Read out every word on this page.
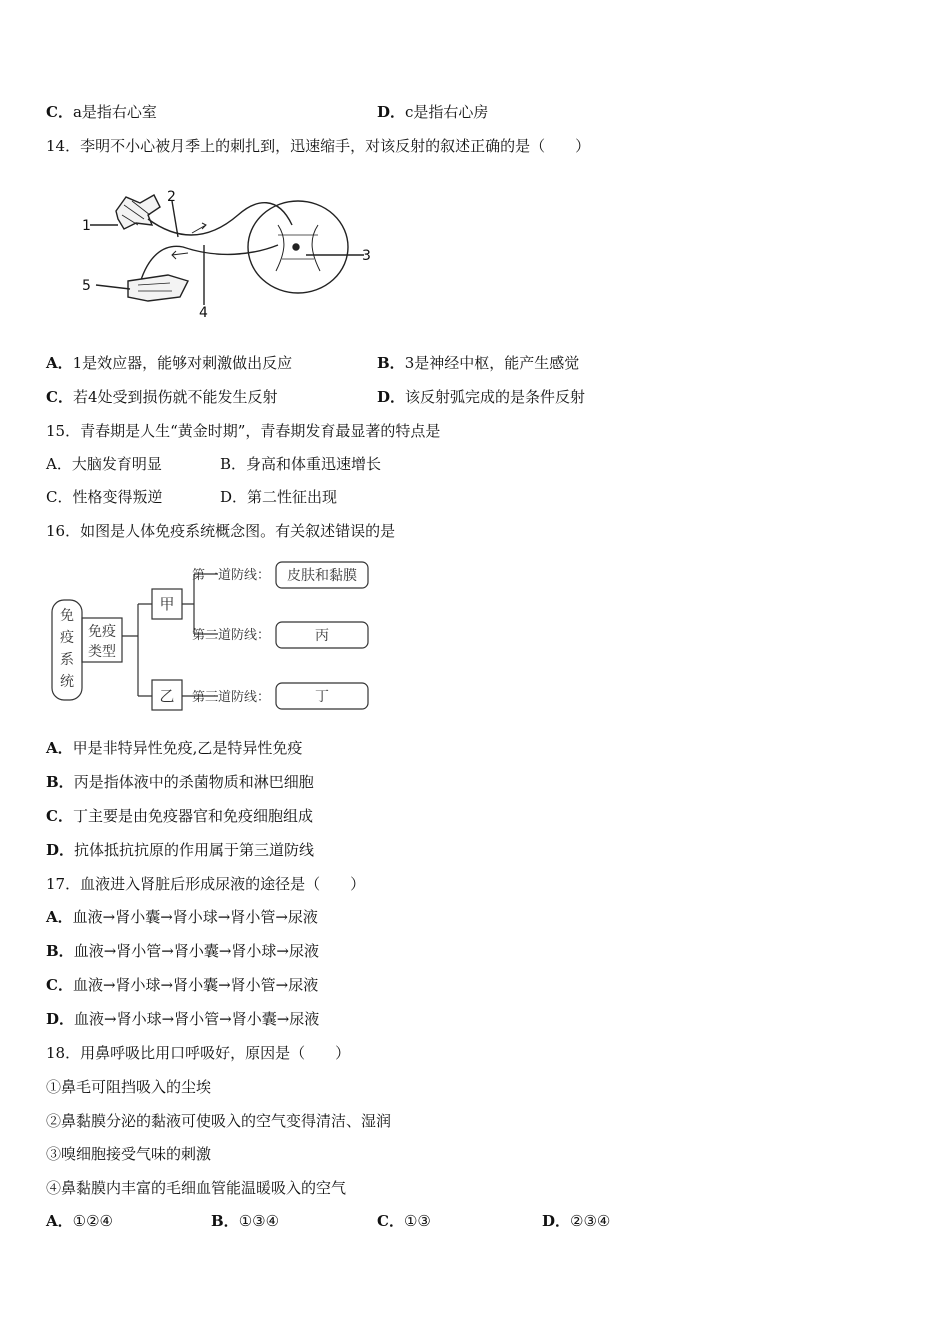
C．a是指右心室	D．c是指右心房
14．李明不小心被月季上的刺扎到，迅速缩手，对该反射的叙述正确的是（　　）
1
2
3
4
5
A．1是效应器，能够对刺激做出反应	B．3是神经中枢，能产生感觉
C．若4处受到损伤就不能发生反射	D．该反射弧完成的是条件反射
15．青春期是人生“黄金时期”，青春期发育最显著的特点是
A．大脑发育明显	B．身高和体重迅速增长
C．性格变得叛逆	D．第二性征出现
16．如图是人体免疫系统概念图。有关叙述错误的是
免
疫
系
统
免疫
类型
甲
乙
第一道防线：
第二道防线：
第三道防线：
皮肤和黏膜
丙
丁
A．甲是非特异性免疫,乙是特异性免疫
B．丙是指体液中的杀菌物质和淋巴细胞
C．丁主要是由免疫器官和免疫细胞组成
D．抗体抵抗抗原的作用属于第三道防线
17．血液进入肾脏后形成尿液的途径是（　　）
A．血液→肾小囊→肾小球→肾小管→尿液
B．血液→肾小管→肾小囊→肾小球→尿液
C．血液→肾小球→肾小囊→肾小管→尿液
D．血液→肾小球→肾小管→肾小囊→尿液
18．用鼻呼吸比用口呼吸好，原因是（　　）
①鼻毛可阻挡吸入的尘埃
②鼻黏膜分泌的黏液可使吸入的空气变得清洁、湿润
③嗅细胞接受气味的刺激
④鼻黏膜内丰富的毛细血管能温暖吸入的空气
A．①②④	B．①③④	C．①③	D．②③④
